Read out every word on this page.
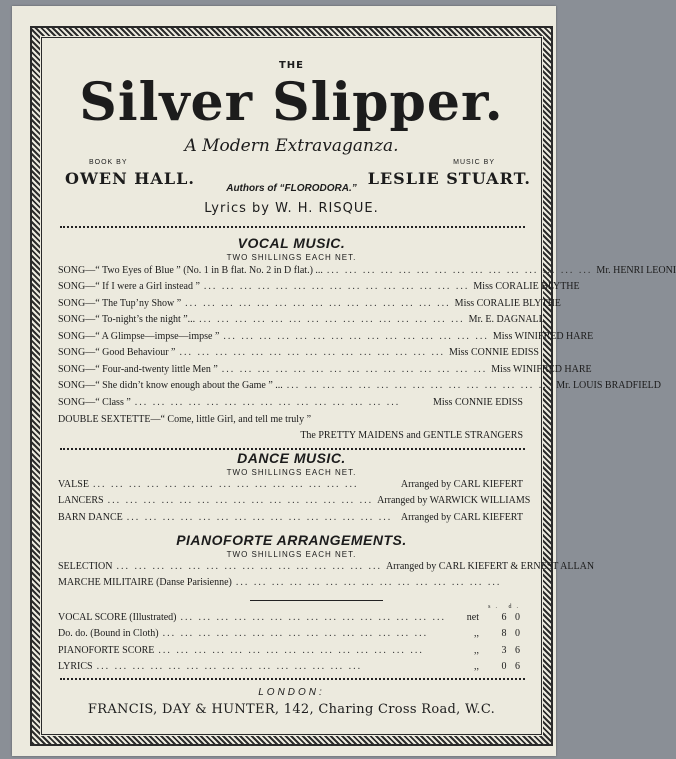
THE
Silver Slipper.
A Modern Extravaganza.
BOOK BY
OWEN HALL.
MUSIC BY
LESLIE STUART.
Authors of “FLORODORA.”
Lyrics by W. H. RISQUE.
VOCAL MUSIC.
TWO SHILLINGS EACH NET.
SONG—“ Two Eyes of Blue ” (No. 1 in B flat. No. 2 in D flat.) ... ... ... ... ... ... ... ... ... ... ... ... ... ... ... ... Mr. HENRI LEONI
SONG—“ If I were a Girl instead ” ... ... ... ... ... ... ... ... ... ... ... ... ... ... ... Miss CORALIE BLYTHE
SONG—“ The Tup’ny Show ” ... ... ... ... ... ... ... ... ... ... ... ... ... ... ... Miss CORALIE BLYTHE
SONG—“ To-night’s the night ”... ... ... ... ... ... ... ... ... ... ... ... ... ... ... ... Mr. E. DAGNALL
SONG—“ A Glimpse—impse—impse ” ... ... ... ... ... ... ... ... ... ... ... ... ... ... ... Miss WINIFRED HARE
SONG—“ Good Behaviour ” ... ... ... ... ... ... ... ... ... ... ... ... ... ... ... Miss CONNIE EDISS
SONG—“ Four-and-twenty little Men ” ... ... ... ... ... ... ... ... ... ... ... ... ... ... ... Miss WINIFRED HARE
SONG—“ She didn’t know enough about the Game ” ... ... ... ... ... ... ... ... ... ... ... ... ... ... ... ... Mr. LOUIS BRADFIELD
SONG—“ Class ” ... ... ... ... ... ... ... ... ... ... ... ... ... ... ...	Miss CONNIE EDISS
DOUBLE SEXTETTE—“ Come, little Girl, and tell me truly ”
The PRETTY MAIDENS and GENTLE STRANGERS
DANCE MUSIC.
TWO SHILLINGS EACH NET.
VALSE ... ... ... ... ... ... ... ... ... ... ... ... ... ... ...	Arranged by CARL KIEFERT
LANCERS ... ... ... ... ... ... ... ... ... ... ... ... ... ... ... Arranged by WARWICK WILLIAMS
BARN DANCE ... ... ... ... ... ... ... ... ... ... ... ... ... ... ... Arranged by CARL KIEFERT
PIANOFORTE ARRANGEMENTS.
TWO SHILLINGS EACH NET.
SELECTION ... ... ... ... ... ... ... ... ... ... ... ... ... ... ... Arranged by CARL KIEFERT & ERNEST ALLAN
MARCHE MILITAIRE (Danse Parisienne) ... ... ... ... ... ... ... ... ... ... ... ... ... ... ...
s. d.
VOCAL SCORE (Illustrated) ... ... ... ... ... ... ... ... ... ... ... ... ... ... ...	net	6 0
Do. do. (Bound in Cloth) ... ... ... ... ... ... ... ... ... ... ... ... ... ... ...	,,	8 0
PIANOFORTE SCORE ... ... ... ... ... ... ... ... ... ... ... ... ... ... ...	,,	3 6
LYRICS ... ... ... ... ... ... ... ... ... ... ... ... ... ... ...	,,	0 6
LONDON:
FRANCIS, DAY & HUNTER, 142, Charing Cross Road, W.C.
